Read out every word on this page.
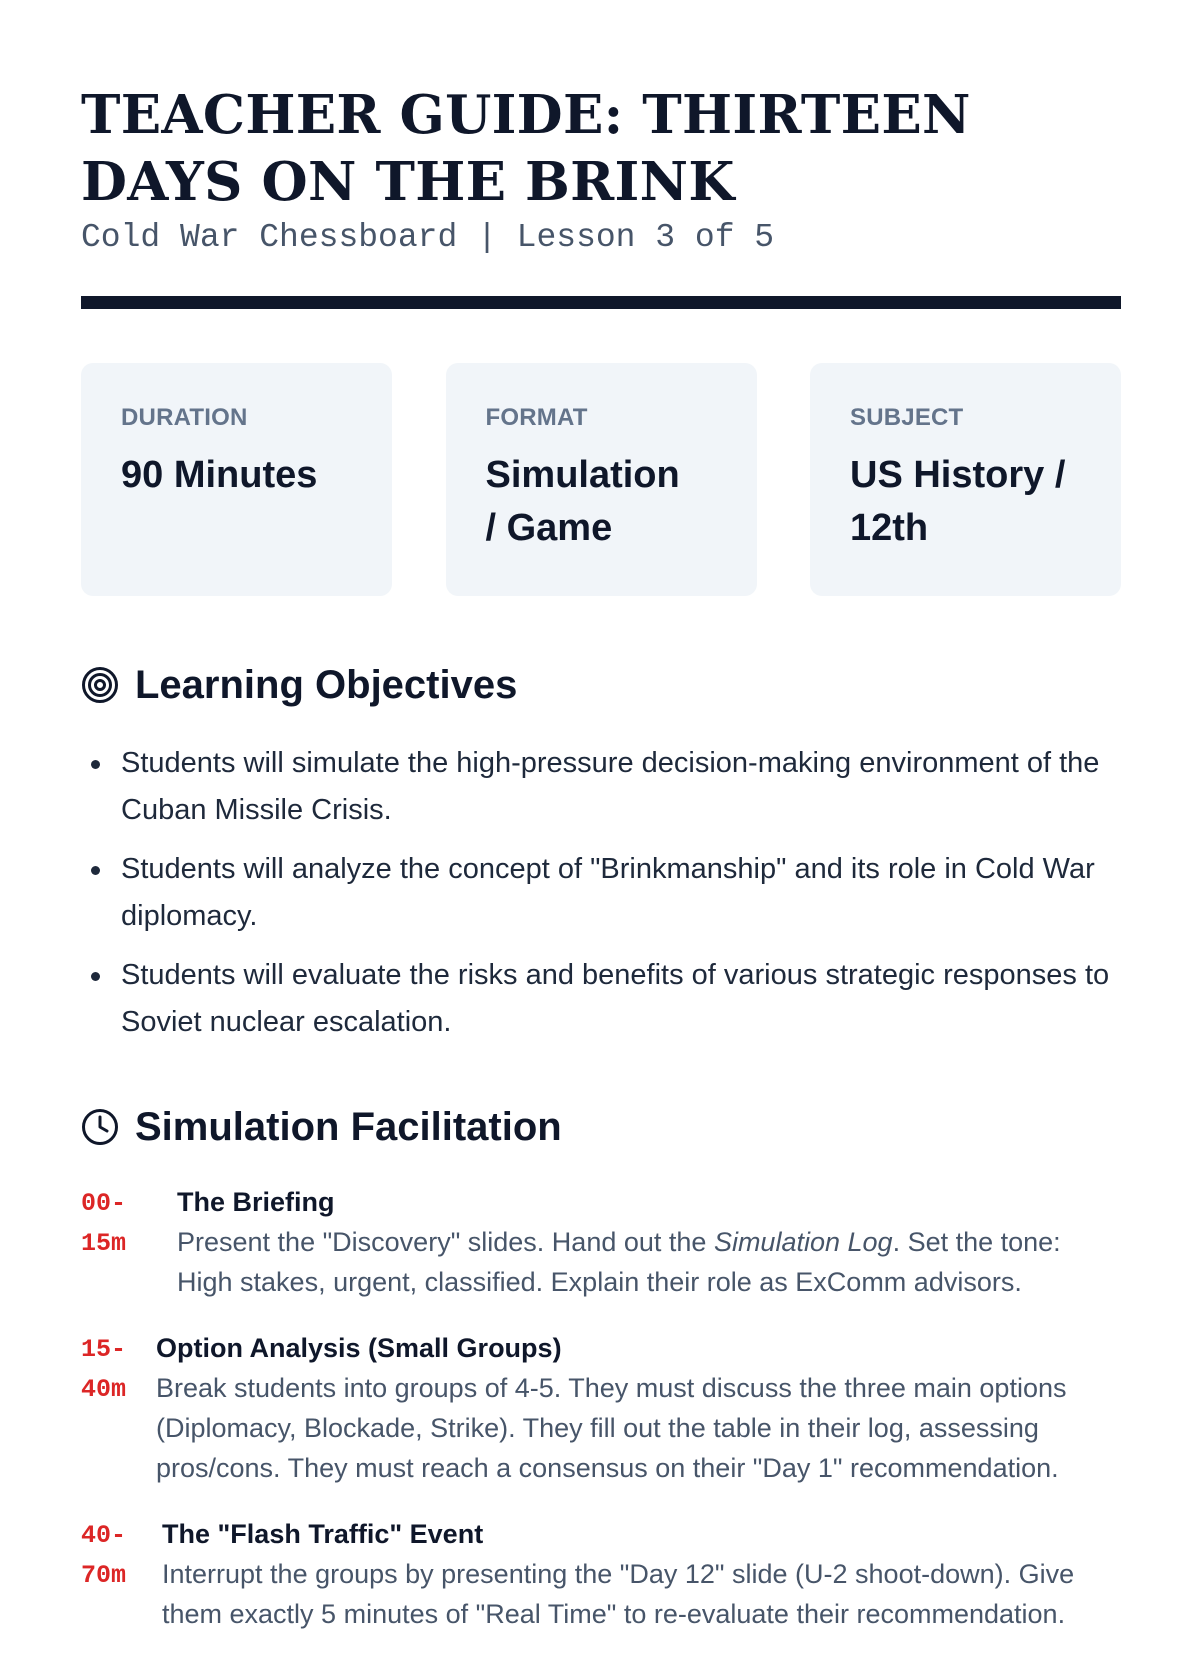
TEACHER GUIDE: THIRTEEN DAYS ON THE BRINK
Cold War Chessboard | Lesson 3 of 5
DURATION
90 Minutes
FORMAT
Simulation / Game
SUBJECT
US History / 12th
Learning Objectives
Students will simulate the high-pressure decision-making environment of the Cuban Missile Crisis.
Students will analyze the concept of "Brinkmanship" and its role in Cold War diplomacy.
Students will evaluate the risks and benefits of various strategic responses to Soviet nuclear escalation.
Simulation Facilitation
00-15m
The Briefing
Present the "Discovery" slides. Hand out the Simulation Log. Set the tone: High stakes, urgent, classified. Explain their role as ExComm advisors.
15-40m
Option Analysis (Small Groups)
Break students into groups of 4-5. They must discuss the three main options (Diplomacy, Blockade, Strike). They fill out the table in their log, assessing pros/cons. They must reach a consensus on their "Day 1" recommendation.
40-70m
The "Flash Traffic" Event
Interrupt the groups by presenting the "Day 12" slide (U-2 shoot-down). Give them exactly 5 minutes of "Real Time" to re-evaluate their recommendation.
